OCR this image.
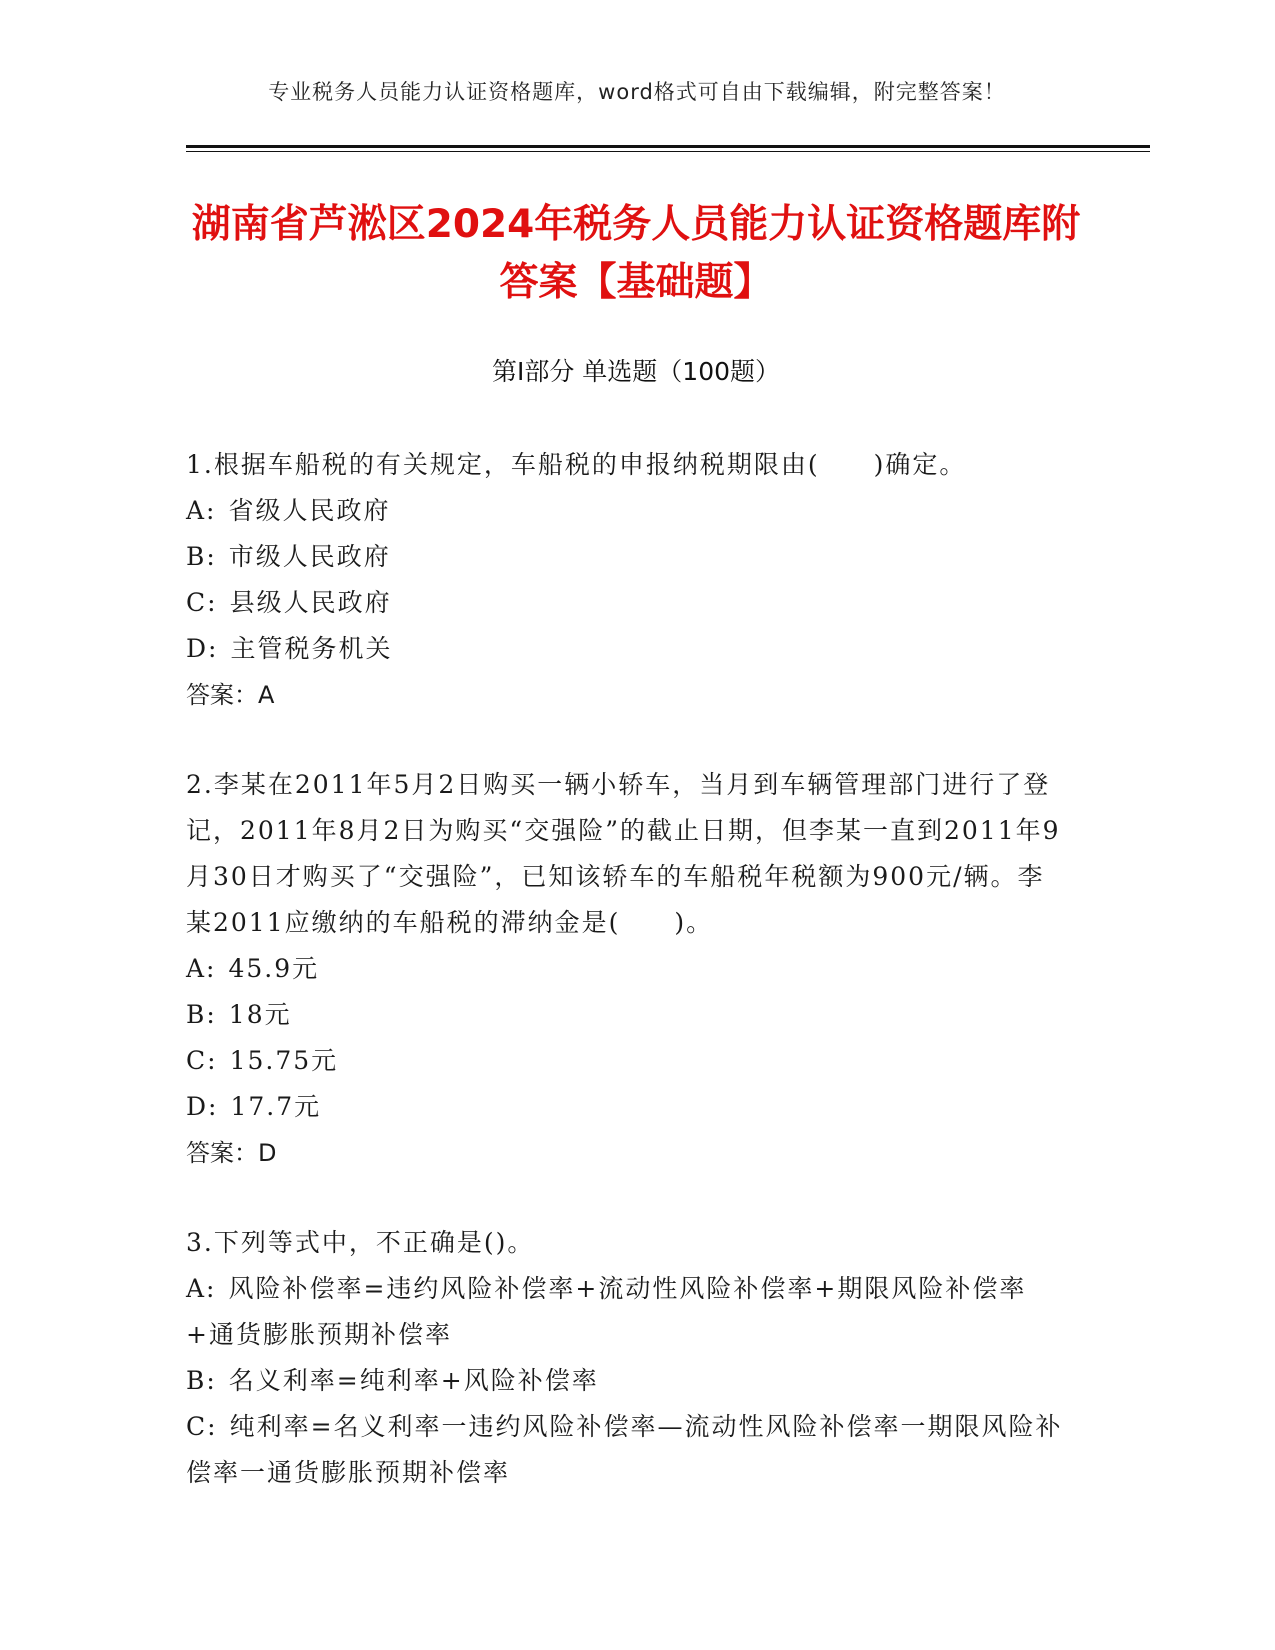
专业税务人员能力认证资格题库，word格式可自由下载编辑，附完整答案！
湖南省芦淞区2024年税务人员能力认证资格题库附答案【基础题】
第I部分 单选题（100题）
1.根据车船税的有关规定，车船税的申报纳税期限由(　　)确定。
A: 省级人民政府
B: 市级人民政府
C: 县级人民政府
D: 主管税务机关
答案：A
2.李某在2011年5月2日购买一辆小轿车，当月到车辆管理部门进行了登记，2011年8月2日为购买“交强险”的截止日期，但李某一直到2011年9月30日才购买了“交强险”，已知该轿车的车船税年税额为900元/辆。李某2011应缴纳的车船税的滞纳金是(　　)。
A: 45.9元
B: 18元
C: 15.75元
D: 17.7元
答案：D
3.下列等式中，不正确是()。
A: 风险补偿率=违约风险补偿率+流动性风险补偿率+期限风险补偿率+通货膨胀预期补偿率
B: 名义利率=纯利率+风险补偿率
C: 纯利率=名义利率一违约风险补偿率—流动性风险补偿率一期限风险补偿率一通货膨胀预期补偿率
